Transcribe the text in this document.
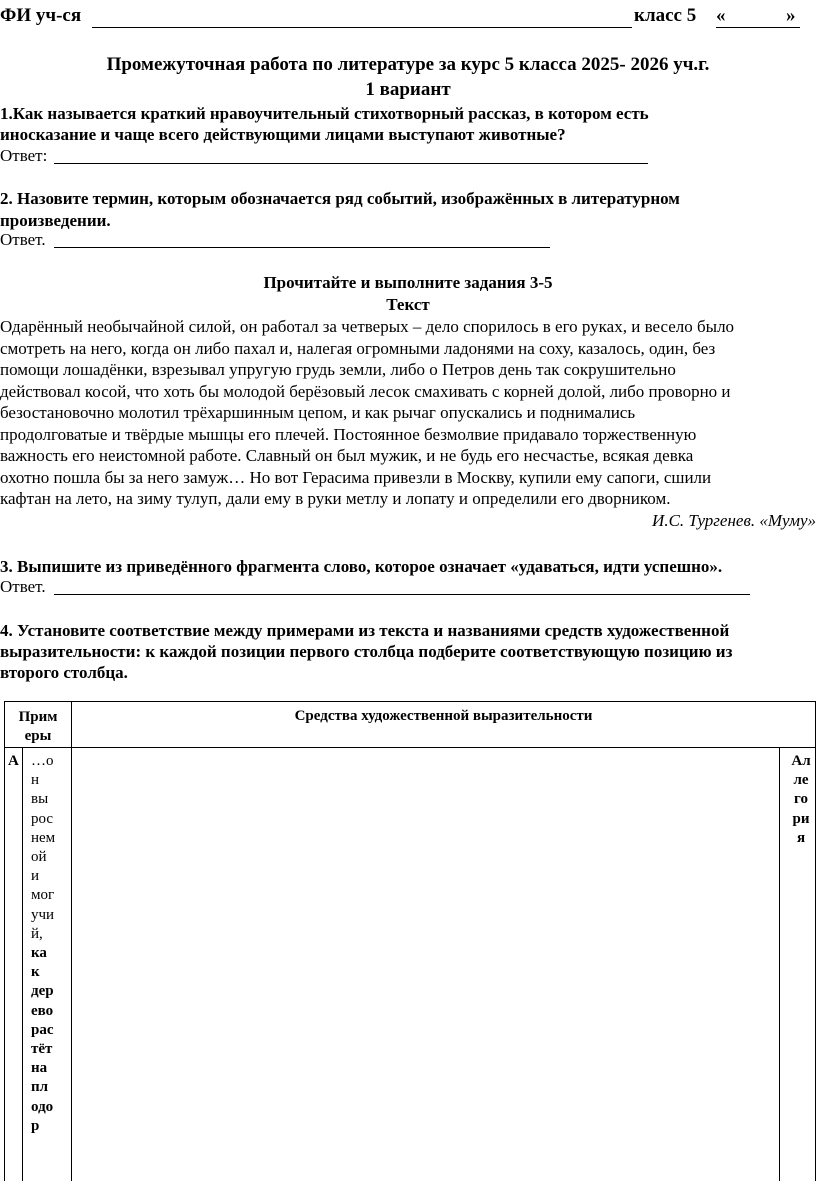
ФИ уч-ся	класс 5 «	»
Промежуточная работа по литературе за курс 5 класса 2025- 2026 уч.г.
1 вариант
1.Как называется краткий нравоучительный стихотворный рассказ, в котором есть
иносказание и чаще всего действующими лицами выступают животные?
Ответ:
2. Назовите термин, которым обозначается ряд событий, изображённых в литературном
произведении.
Ответ.
Прочитайте и выполните задания 3-5
Текст
Одарённый необычайной силой, он работал за четверых – дело спорилось в его руках, и весело было
смотреть на него, когда он либо пахал и, налегая огромными ладонями на соху, казалось, один, без
помощи лошадёнки, взрезывал упругую грудь земли, либо о Петров день так сокрушительно
действовал косой, что хоть бы молодой берёзовый лесок смахивать с корней долой, либо проворно и
безостановочно молотил трёхаршинным цепом, и как рычаг опускались и поднимались
продолговатые и твёрдые мышцы его плечей. Постоянное безмолвие придавало торжественную
важность его неистомной работе. Славный он был мужик, и не будь его несчастье, всякая девка
охотно пошла бы за него замуж… Но вот Герасима привезли в Москву, купили ему сапоги, сшили
кафтан на лето, на зиму тулуп, дали ему в руки метлу и лопату и определили его дворником.
И.С. Тургенев. «Муму»
3. Выпишите из приведённого фрагмента слово, которое означает «удаваться, идти успешно».
Ответ.
4. Установите соответствие между примерами из текста и названиями средств художественной
выразительности: к каждой позиции первого столбца подберите соответствующую позицию из
второго столбца.
Прим
еры
Средства художественной выразительности
А …о
н
вы
рос
нем
ой
и
мог
учи
й,
ка
к
дер
ево
рас
тёт
на
пл
одо
р
Ал
ле
го
ри
я
